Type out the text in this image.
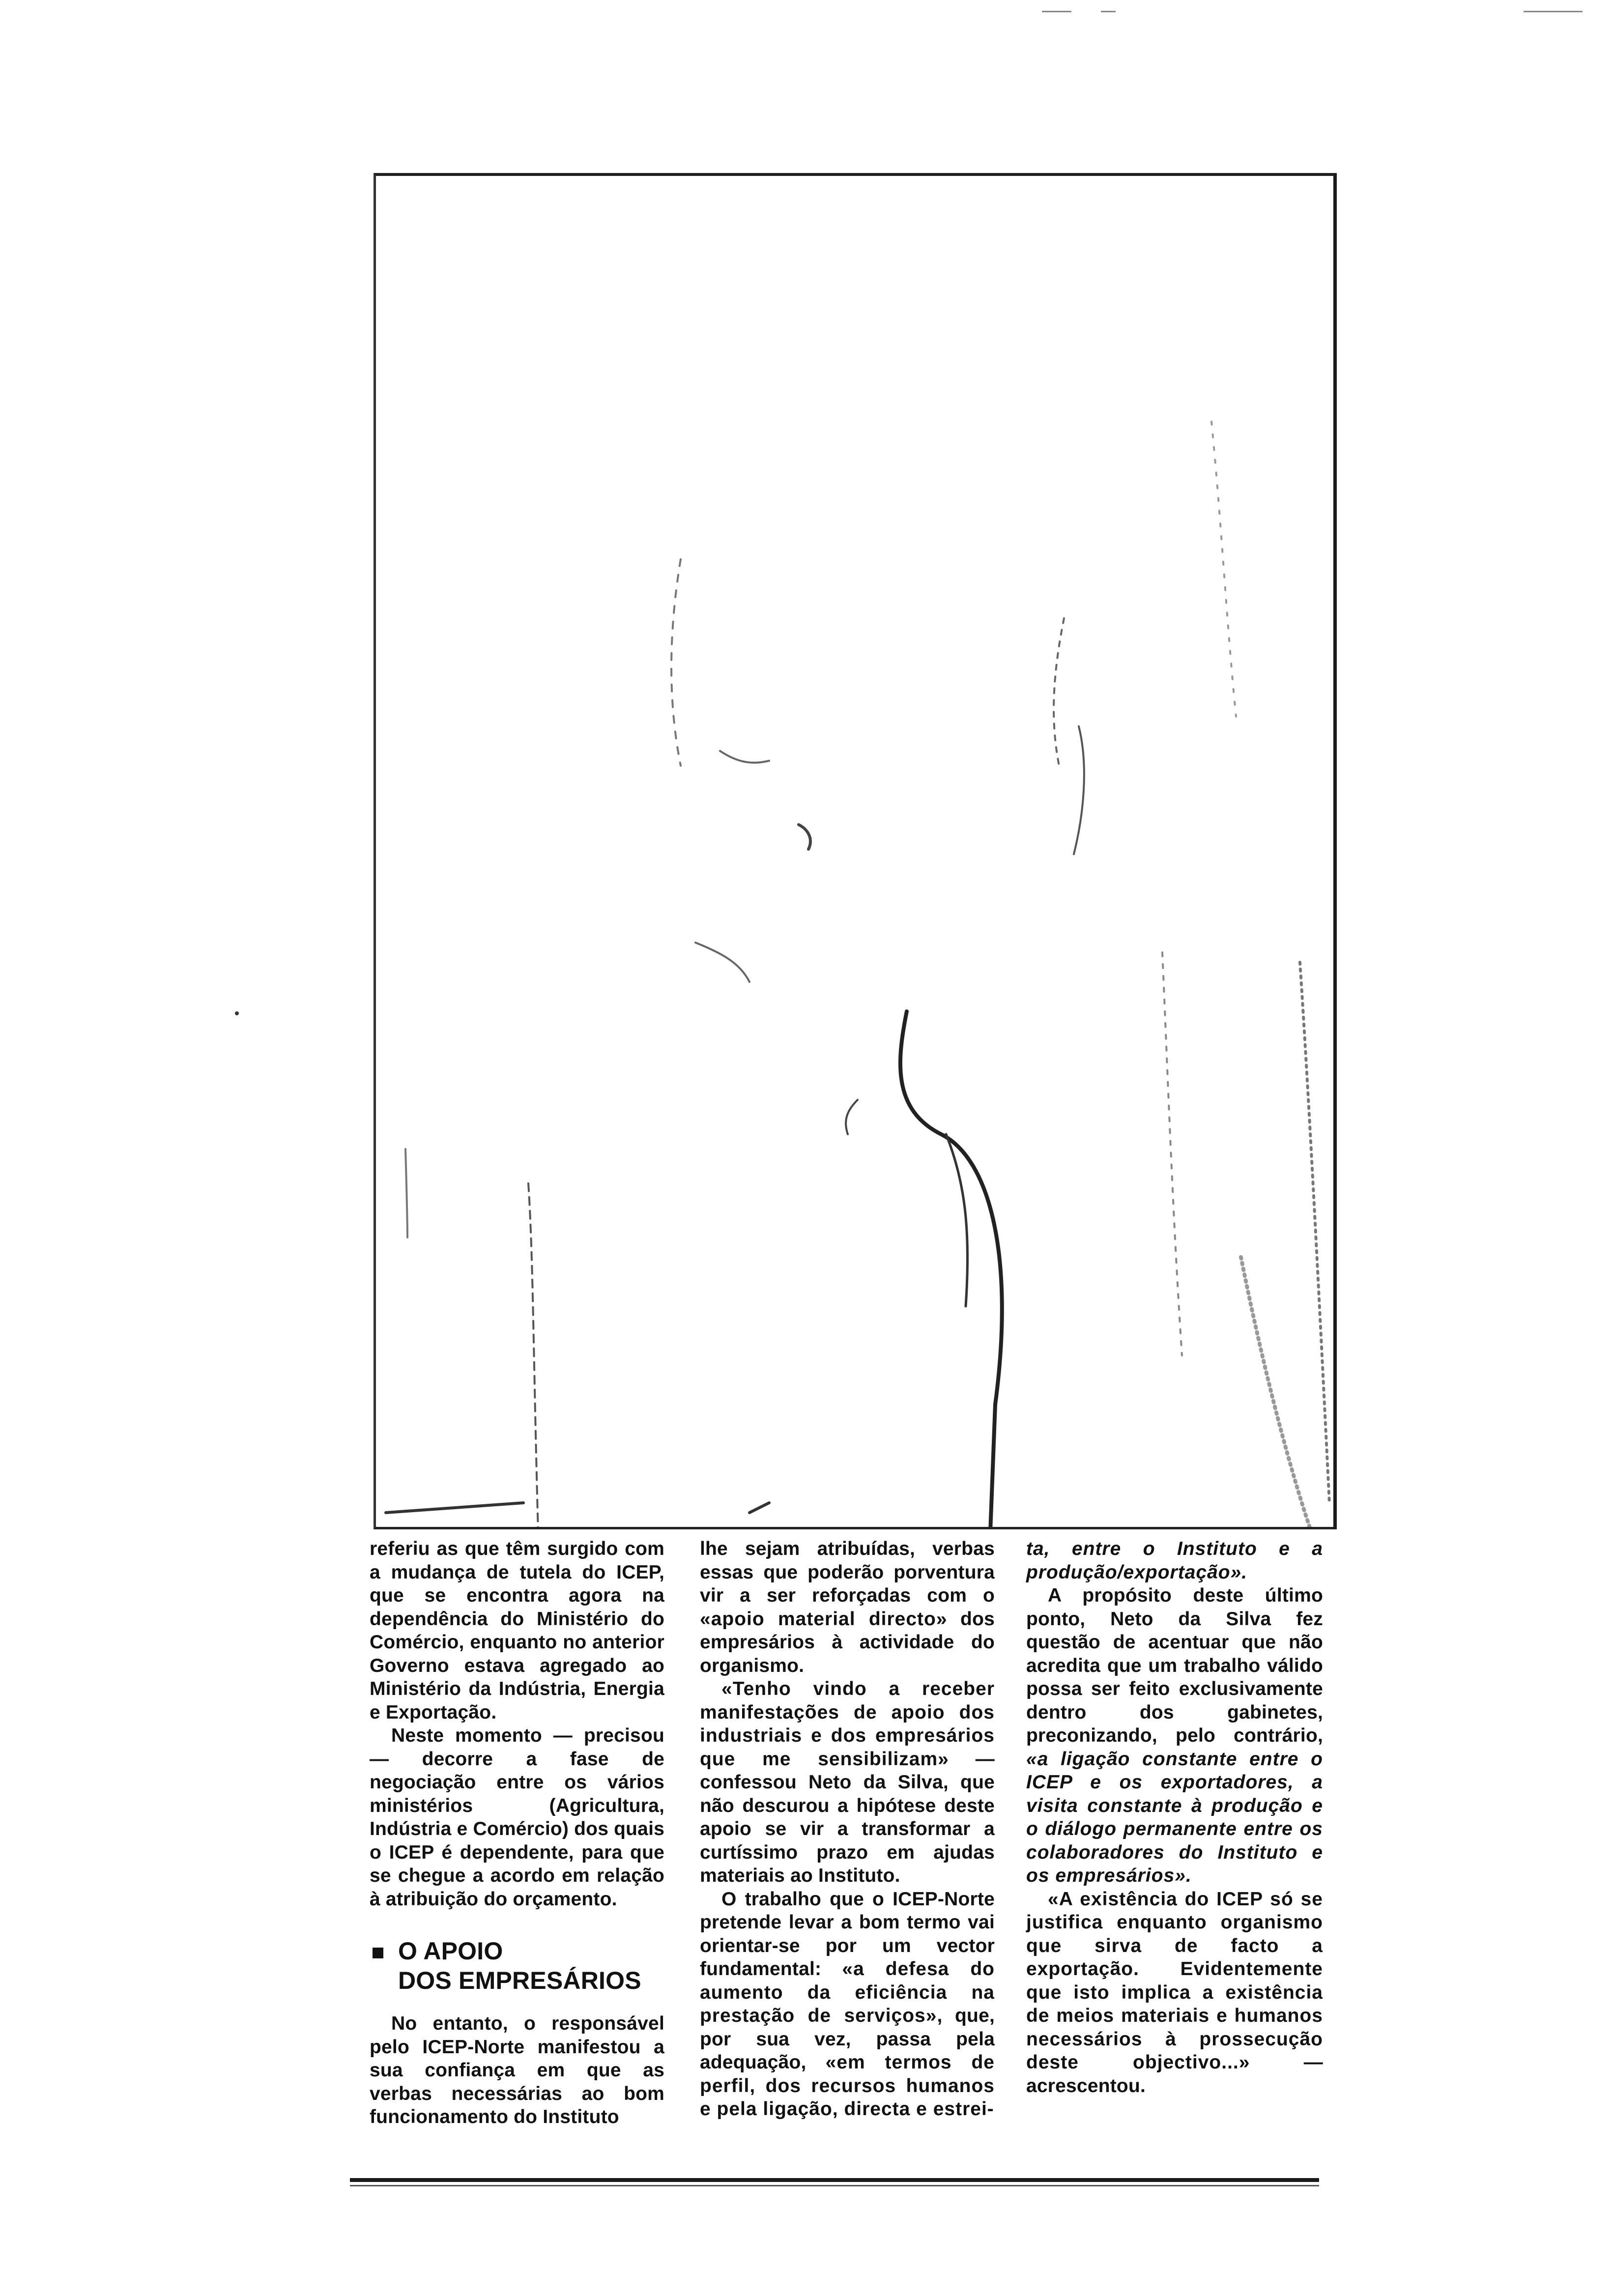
referiu as que têm surgido com a mudança de tutela do ICEP, que se encontra agora na dependência do Ministério do Comércio, enquanto no anterior Governo estava agregado ao Ministério da Indústria, Energia e Exportação.

Neste momento — precisou — decorre a fase de negociação entre os vários ministérios (Agricultura, Indústria e Comércio) dos quais o ICEP é dependente, para que se chegue a acordo em relação à atribuição do orçamento.

O APOIO
DOS EMPRESÁRIOS

No entanto, o responsável pelo ICEP-Norte manifestou a sua confiança em que as verbas necessárias ao bom funcionamento do Instituto

lhe sejam atribuídas, verbas essas que poderão porventura vir a ser reforçadas com o «apoio material directo» dos empresários à actividade do organismo.

«Tenho vindo a receber manifestações de apoio dos industriais e dos empresários que me sensibilizam» — confessou Neto da Silva, que não descurou a hipótese deste apoio se vir a transformar a curtíssimo prazo em ajudas materiais ao Instituto.

O trabalho que o ICEP-Norte pretende levar a bom termo vai orientar-se por um vector fundamental: «a defesa do aumento da eficiência na prestação de serviços», que, por sua vez, passa pela adequação, «em termos de perfil, dos recursos humanos e pela ligação, directa e estrei-

ta, entre o Instituto e a produção/exportação».

A propósito deste último ponto, Neto da Silva fez questão de acentuar que não acredita que um trabalho válido possa ser feito exclusivamente dentro dos gabinetes, preconizando, pelo contrário, «a ligação constante entre o ICEP e os exportadores, a visita constante à produção e o diálogo permanente entre os colaboradores do Instituto e os empresários».

«A existência do ICEP só se justifica enquanto organismo que sirva de facto a exportação. Evidentemente que isto implica a existência de meios materiais e humanos necessários à prossecução deste objectivo...» — acrescentou.
